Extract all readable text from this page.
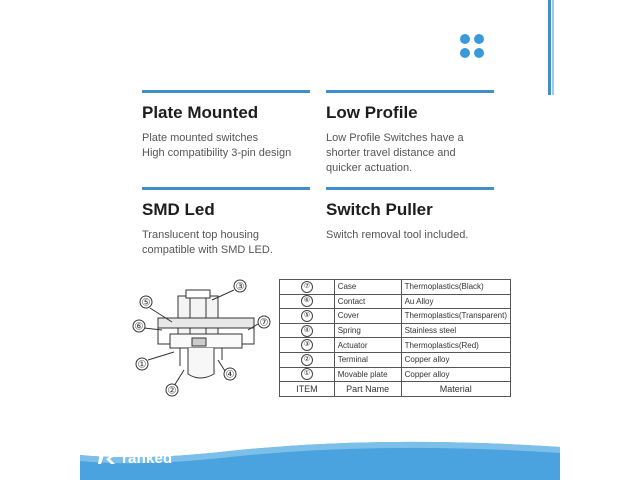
Plate Mounted
Plate mounted switches
High compatibility 3-pin design
Low Profile
Low Profile Switches have a
shorter travel distance and
quicker actuation.
SMD Led
Translucent top housing
compatible with SMD LED.
Switch Puller
Switch removal tool included.
⑤
⑥
①
②
③
④
⑦
⑦	Case	Thermoplastics(Black)
⑥	Contact	Au Alloy
⑤	Cover	Thermoplastics(Transparent)
④	Spring	Stainless steel
③	Actuator	Thermoplastics(Red)
②	Terminal	Copper alloy
①	Movable plate	Copper alloy
ITEM	Part Name	Material
ranked
